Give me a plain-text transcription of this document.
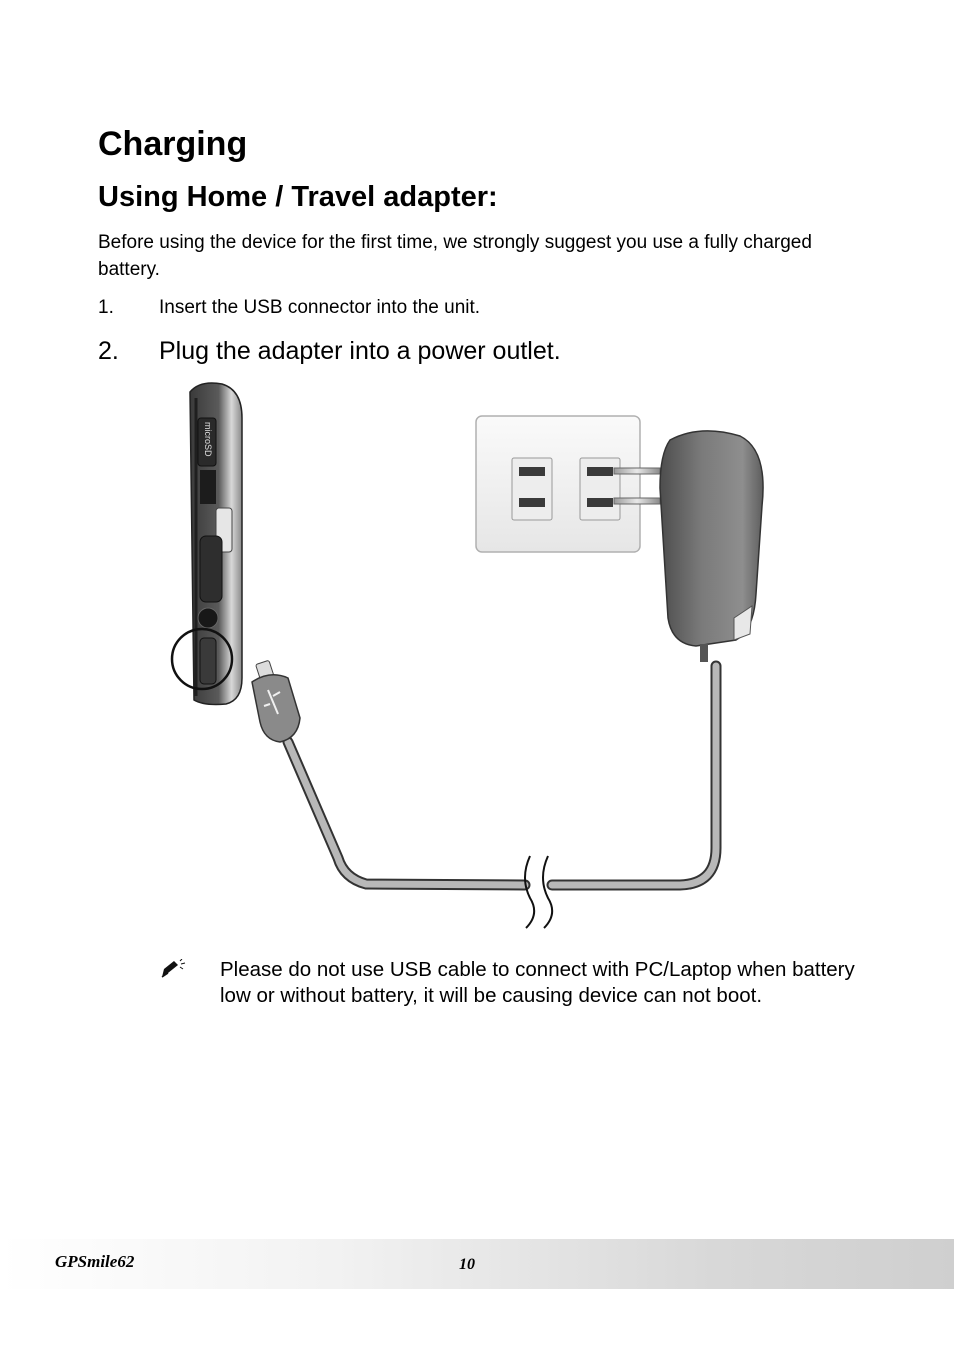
Charging
Using Home / Travel adapter:

Before using the device for the first time, we strongly suggest you use a fully charged battery.

1.	Insert the USB connector into the unit.
2.	Plug the adapter into a power outlet.
microSD

Please do not use USB cable to connect with PC/Laptop when battery low or without battery, it will be causing device can not boot.

GPSmile62	10
